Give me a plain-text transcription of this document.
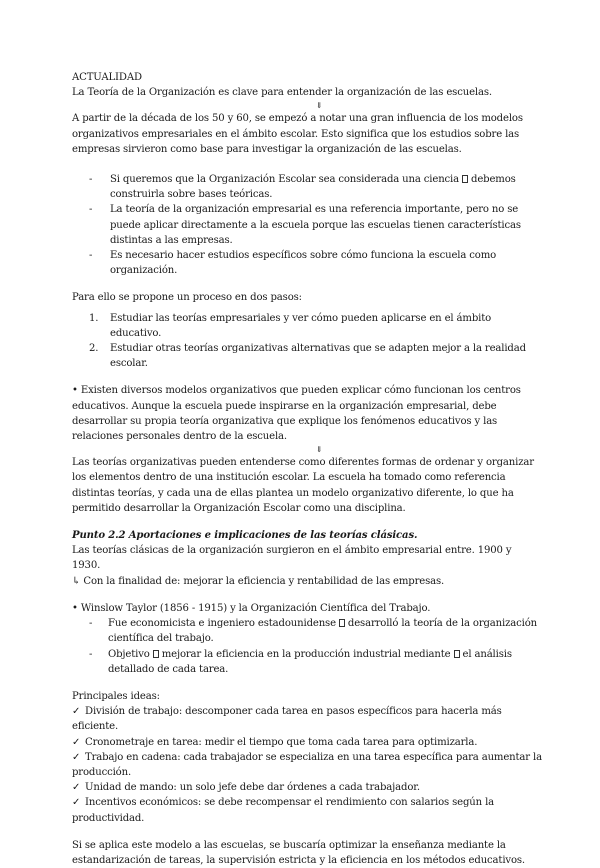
ACTUALIDAD

La Teoría de la Organización es clave para entender la organización de las escuelas.

⇓

A partir de la década de los 50 y 60, se empezó a notar una gran influencia de los modelos organizativos empresariales en el ámbito escolar. Esto significa que los estudios sobre las empresas sirvieron como base para investigar la organización de las escuelas.

- Si queremos que la Organización Escolar sea considerada una ciencia debemos construirla sobre bases teóricas.
- La teoría de la organización empresarial es una referencia importante, pero no se puede aplicar directamente a la escuela porque las escuelas tienen características distintas a las empresas.
- Es necesario hacer estudios específicos sobre cómo funciona la escuela como organización.

Para ello se propone un proceso en dos pasos:

1. Estudiar las teorías empresariales y ver cómo pueden aplicarse en el ámbito educativo.
2. Estudiar otras teorías organizativas alternativas que se adapten mejor a la realidad escolar.

• Existen diversos modelos organizativos que pueden explicar cómo funcionan los centros educativos. Aunque la escuela puede inspirarse en la organización empresarial, debe desarrollar su propia teoría organizativa que explique los fenómenos educativos y las relaciones personales dentro de la escuela.

⇓

Las teorías organizativas pueden entenderse como diferentes formas de ordenar y organizar los elementos dentro de una institución escolar. La escuela ha tomado como referencia distintas teorías, y cada una de ellas plantea un modelo organizativo diferente, lo que ha permitido desarrollar la Organización Escolar como una disciplina.

Punto 2.2 Aportaciones e implicaciones de las teorías clásicas.

Las teorías clásicas de la organización surgieron en el ámbito empresarial entre. 1900 y 1930.

↳ Con la finalidad de: mejorar la eficiencia y rentabilidad de las empresas.

• Winslow Taylor (1856 - 1915) y la Organización Científica del Trabajo.

- Fue economicista e ingeniero estadounidense desarrolló la teoría de la organización científica del trabajo.
- Objetivo mejorar la eficiencia en la producción industrial mediante el análisis detallado de cada tarea.

Principales ideas:

✓ División de trabajo: descomponer cada tarea en pasos específicos para hacerla más eficiente.

✓ Cronometraje en tarea: medir el tiempo que toma cada tarea para optimizarla.

✓ Trabajo en cadena: cada trabajador se especializa en una tarea específica para aumentar la producción.

✓ Unidad de mando: un solo jefe debe dar órdenes a cada trabajador.

✓ Incentivos económicos: se debe recompensar el rendimiento con salarios según la productividad.

Si se aplica este modelo a las escuelas, se buscaría optimizar la enseñanza mediante la estandarización de tareas, la supervisión estricta y la eficiencia en los métodos educativos.
